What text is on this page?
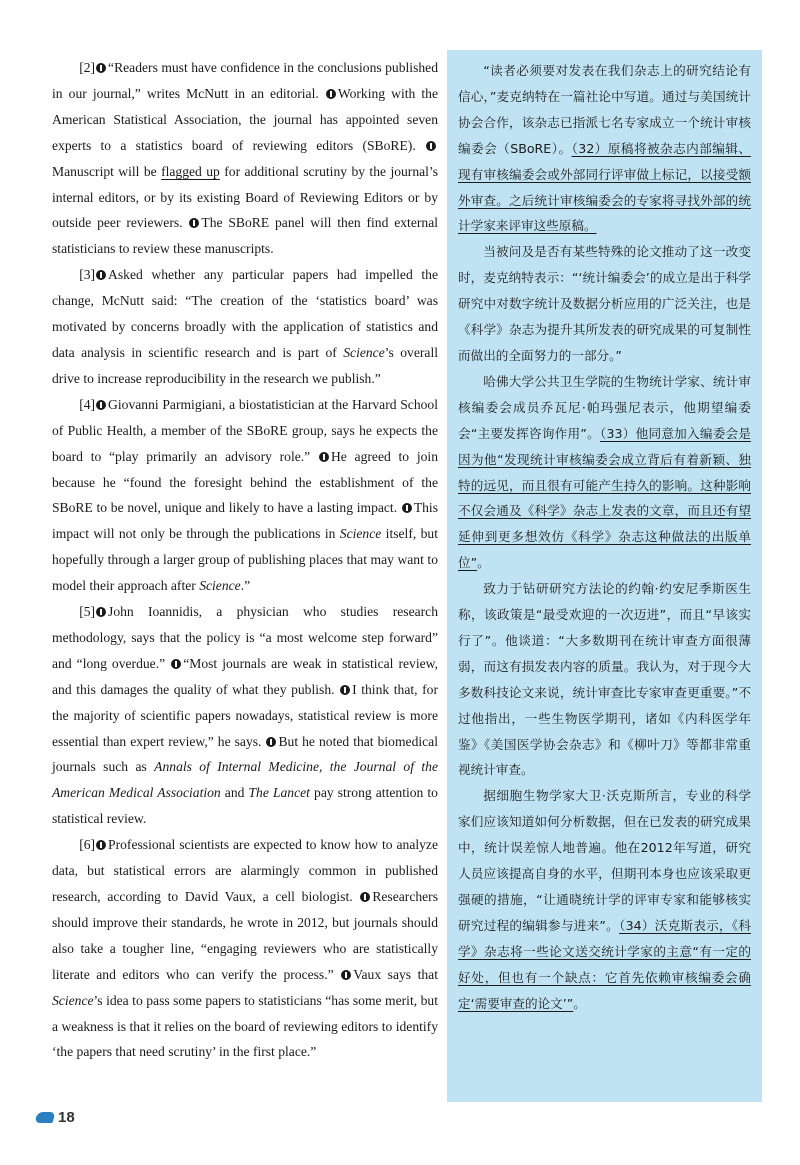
[2] “Readers must have confidence in the conclusions published in our journal,” writes McNutt in an editorial. Working with the American Statistical Association, the journal has appointed seven experts to a statistics board of reviewing editors (SBoRE). Manuscript will be flagged up for additional scrutiny by the journal’s internal editors, or by its existing Board of Reviewing Editors or by outside peer reviewers. The SBoRE panel will then find external statisticians to review these manuscripts.

[3] Asked whether any particular papers had impelled the change, McNutt said: “The creation of the ‘statistics board’ was motivated by concerns broadly with the application of statistics and data analysis in scientific research and is part of Science’s overall drive to increase reproducibility in the research we publish.”

[4] Giovanni Parmigiani, a biostatistician at the Harvard School of Public Health, a member of the SBoRE group, says he expects the board to “play primarily an advisory role.” He agreed to join because he “found the foresight behind the establishment of the SBoRE to be novel, unique and likely to have a lasting impact. This impact will not only be through the publications in Science itself, but hopefully through a larger group of publishing places that may want to model their approach after Science.”

[5] John Ioannidis, a physician who studies research methodology, says that the policy is “a most welcome step forward” and “long overdue.” “Most journals are weak in statistical review, and this damages the quality of what they publish. I think that, for the majority of scientific papers nowadays, statistical review is more essential than expert review,” he says. But he noted that biomedical journals such as Annals of Internal Medicine, the Journal of the American Medical Association and The Lancet pay strong attention to statistical review.

[6] Professional scientists are expected to know how to analyze data, but statistical errors are alarmingly common in published research, according to David Vaux, a cell biologist. Researchers should improve their standards, he wrote in 2012, but journals should also take a tougher line, “engaging reviewers who are statistically literate and editors who can verify the process.” Vaux says that Science’s idea to pass some papers to statisticians “has some merit, but a weakness is that it relies on the board of reviewing editors to identify ‘the papers that need scrutiny’ in the first place.”

“读者必须要对发表在我们杂志上的研究结论有信心，”麦克纳特在一篇社论中写道。通过与美国统计协会合作，该杂志已指派七名专家成立一个统计审核编委会（SBoRE）。（32）原稿将被杂志内部编辑、现有审核编委会或外部同行评审做上标记，以接受额外审查。之后统计审核编委会的专家将寻找外部的统计学家来评审这些原稿。

当被问及是否有某些特殊的论文推动了这一改变时，麦克纳特表示：“‘统计编委会’的成立是出于科学研究中对数字统计及数据分析应用的广泛关注，也是《科学》杂志为提升其所发表的研究成果的可复制性而做出的全面努力的一部分。”

哈佛大学公共卫生学院的生物统计学家、统计审核编委会成员乔瓦尼·帕玛强尼表示，他期望编委会“主要发挥咨询作用”。（33）他同意加入编委会是因为他“发现统计审核编委会成立背后有着新颖、独特的远见，而且很有可能产生持久的影响。这种影响不仅会通及《科学》杂志上发表的文章，而且还有望延伸到更多想效仿《科学》杂志这种做法的出版单位”。

致力于钻研研究方法论的约翰·约安尼季斯医生称，该政策是“最受欢迎的一次迈进”，而且“早该实行了”。他谈道：“大多数期刊在统计审查方面很薄弱，而这有损发表内容的质量。我认为，对于现今大多数科技论文来说，统计审查比专家审查更重要。”不过他指出，一些生物医学期刊，诸如《内科医学年鉴》《美国医学协会杂志》和《柳叶刀》等都非常重视统计审查。

据细胞生物学家大卫·沃克斯所言，专业的科学家们应该知道如何分析数据，但在已发表的研究成果中，统计误差惊人地普遍。他在2012年写道，研究人员应该提高自身的水平，但期刊本身也应该采取更强硬的措施，“让通晓统计学的评审专家和能够核实研究过程的编辑参与进来”。（34）沃克斯表示，《科学》杂志将一些论文送交统计学家的主意“有一定的好处，但也有一个缺点：它首先依赖审核编委会确定‘需要审查的论文’”。

18
